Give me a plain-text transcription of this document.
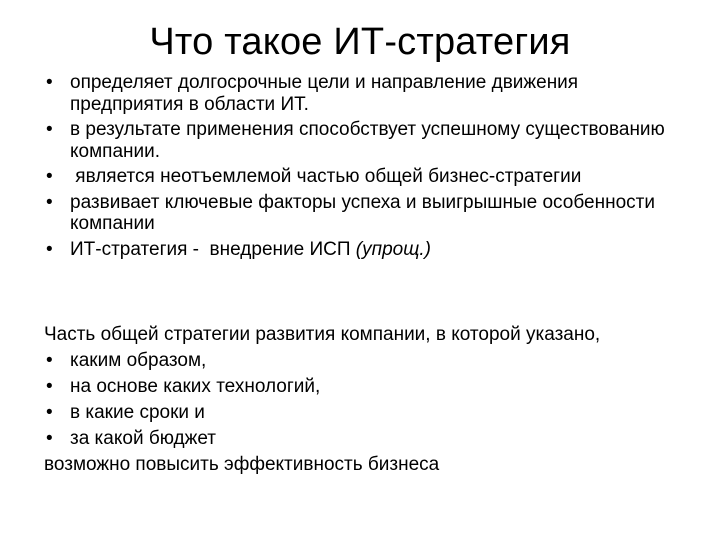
Что такое ИТ-стратегия
• определяет долгосрочные цели и направление движения предприятия в области ИТ.
• в результате применения способствует успешному существованию компании.
• является неотъемлемой частью общей бизнес-стратегии
• развивает ключевые факторы успеха и выигрышные особенности компании
• ИТ-стратегия -  внедрение ИСП (упрощ.)
Часть общей стратегии развития компании, в которой указано,
• каким образом,
• на основе каких технологий,
• в какие сроки и
• за какой бюджет
возможно повысить эффективность бизнеса
